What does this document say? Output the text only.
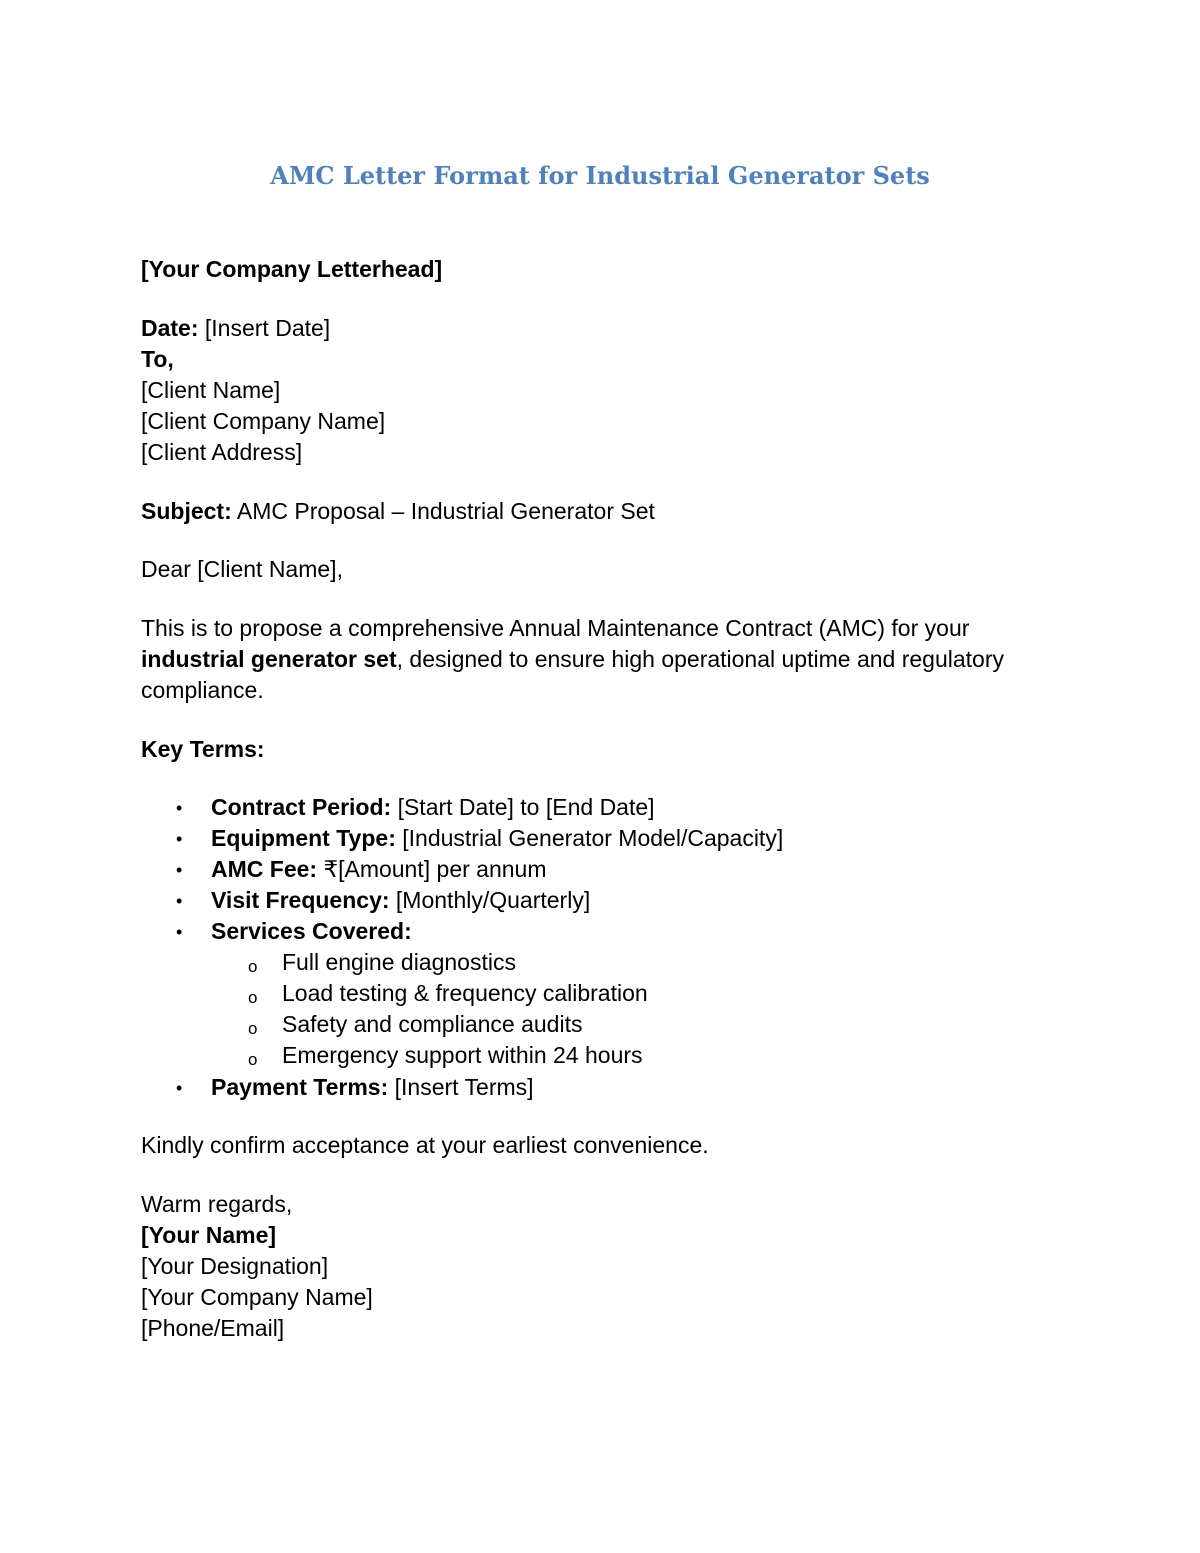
AMC Letter Format for Industrial Generator Sets
[Your Company Letterhead]
Date: [Insert Date]
To,
[Client Name]
[Client Company Name]
[Client Address]
Subject: AMC Proposal – Industrial Generator Set
Dear [Client Name],
This is to propose a comprehensive Annual Maintenance Contract (AMC) for your
industrial generator set, designed to ensure high operational uptime and regulatory
compliance.
Key Terms:
• Contract Period: [Start Date] to [End Date]
• Equipment Type: [Industrial Generator Model/Capacity]
• AMC Fee: ₹[Amount] per annum
• Visit Frequency: [Monthly/Quarterly]
• Services Covered:
o Full engine diagnostics
o Load testing & frequency calibration
o Safety and compliance audits
o Emergency support within 24 hours
• Payment Terms: [Insert Terms]
Kindly confirm acceptance at your earliest convenience.
Warm regards,
[Your Name]
[Your Designation]
[Your Company Name]
[Phone/Email]
